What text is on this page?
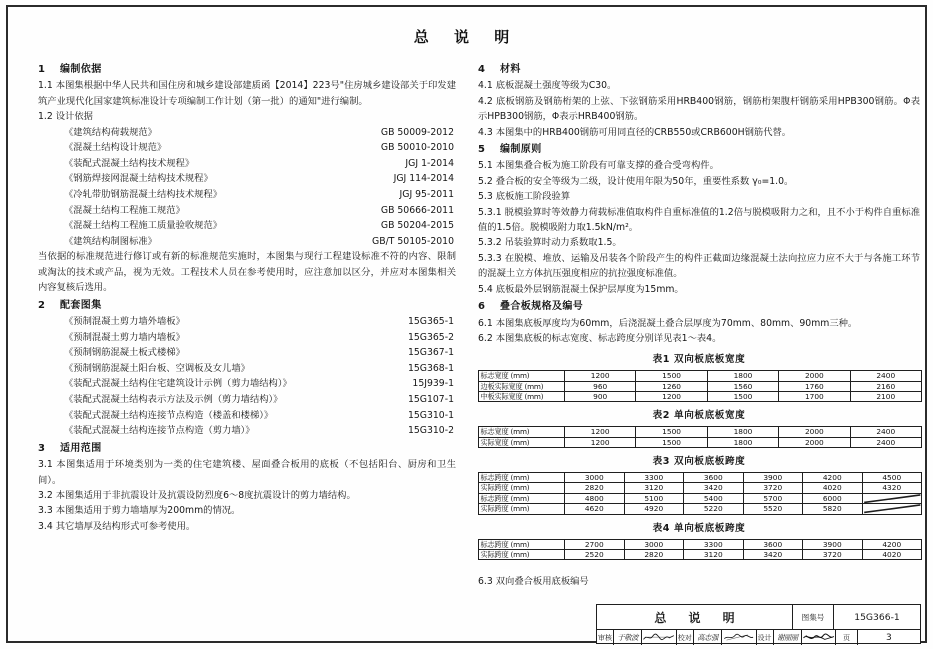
总 说 明
1 编制依据

1.1 本图集根据中华人民共和国住房和城乡建设部建质函【2014】223号"住房城乡建设部关于印发建筑产业现代化国家建筑标准设计专项编制工作计划（第一批）的通知"进行编制。

1.2 设计依据

《建筑结构荷载规范》	GB 50009-2012
《混凝土结构设计规范》	GB 50010-2010
《装配式混凝土结构技术规程》	JGJ 1-2014
《钢筋焊接网混凝土结构技术规程》	JGJ 114-2014
《冷轧带肋钢筋混凝土结构技术规程》	JGJ 95-2011
《混凝土结构工程施工规范》	GB 50666-2011
《混凝土结构工程施工质量验收规范》	GB 50204-2015
《建筑结构制图标准》	GB/T 50105-2010

当依据的标准规范进行修订或有新的标准规范实施时，本图集与现行工程建设标准不符的内容、限制或淘汰的技术或产品，视为无效。工程技术人员在参考使用时，应注意加以区分，并应对本图集相关内容复核后选用。

2 配套图集
《预制混凝土剪力墙外墙板》	15G365-1
《预制混凝土剪力墙内墙板》	15G365-2
《预制钢筋混凝土板式楼梯》	15G367-1
《预制钢筋混凝土阳台板、空调板及女儿墙》	15G368-1
《装配式混凝土结构住宅建筑设计示例（剪力墙结构）》	15J939-1
《装配式混凝土结构表示方法及示例（剪力墙结构）》	15G107-1
《装配式混凝土结构连接节点构造（楼盖和楼梯）》	15G310-1
《装配式混凝土结构连接节点构造（剪力墙）》	15G310-2
3 适用范围

3.1 本图集适用于环境类别为一类的住宅建筑楼、屋面叠合板用的底板（不包括阳台、厨房和卫生间）。

3.2 本图集适用于非抗震设计及抗震设防烈度6～8度抗震设计的剪力墙结构。

3.3 本图集适用于剪力墙墙厚为200mm的情况。

3.4 其它墙厚及结构形式可参考使用。

4 材料

4.1 底板混凝土强度等级为C30。

4.2 底板钢筋及钢筋桁架的上弦、下弦钢筋采用HRB400钢筋，钢筋桁架腹杆钢筋采用HPB300钢筋。Φ表示HPB300钢筋，Φ表示HRB400钢筋。

4.3 本图集中的HRB400钢筋可用同直径的CRB550或CRB600H钢筋代替。

5 编制原则

5.1 本图集叠合板为施工阶段有可靠支撑的叠合受弯构件。

5.2 叠合板的安全等级为二级，设计使用年限为50年，重要性系数 γ₀=1.0。

5.3 底板施工阶段验算

5.3.1 脱模验算时等效静力荷载标准值取构件自重标准值的1.2倍与脱模吸附力之和，且不小于构件自重标准值的1.5倍。脱模吸附力取1.5kN/m²。

5.3.2 吊装验算时动力系数取1.5。

5.3.3 在脱模、堆放、运输及吊装各个阶段产生的构件正截面边缘混凝土法向拉应力应不大于与各施工环节的混凝土立方体抗压强度相应的抗拉强度标准值。

5.4 底板最外层钢筋混凝土保护层厚度为15mm。

6 叠合板规格及编号

6.1 本图集底板厚度均为60mm，后浇混凝土叠合层厚度为70mm、80mm、90mm三种。

6.2 本图集底板的标志宽度、标志跨度分别详见表1～表4。

表1 双向板底板宽度
标志宽度 (mm)	1200	1500	1800	2000	2400
边板实际宽度 (mm)	960	1260	1560	1760	2160
中板实际宽度 (mm)	900	1200	1500	1700	2100
表2 单向板底板宽度
标志宽度 (mm)	1200	1500	1800	2000	2400
实际宽度 (mm)	1200	1500	1800	2000	2400
表3 双向板底板跨度
标志跨度 (mm)	3000	3300	3600	3900	4200	4500
实际跨度 (mm)	2820	3120	3420	3720	4020	4320
标志跨度 (mm)	4800	5100	5400	5700	6000	

实际跨度 (mm)	4620	4920	5220	5520	5820	
表4 单向板底板跨度
标志跨度 (mm)	2700	3000	3300	3600	3900	4200
实际跨度 (mm)	2520	2820	3120	3420	3720	4020

6.3 双向叠合板用底板编号

总 说 明	图集号	15G366-1
审核 于敬波	校对 高志强	设计 谢丽丽	页	3
